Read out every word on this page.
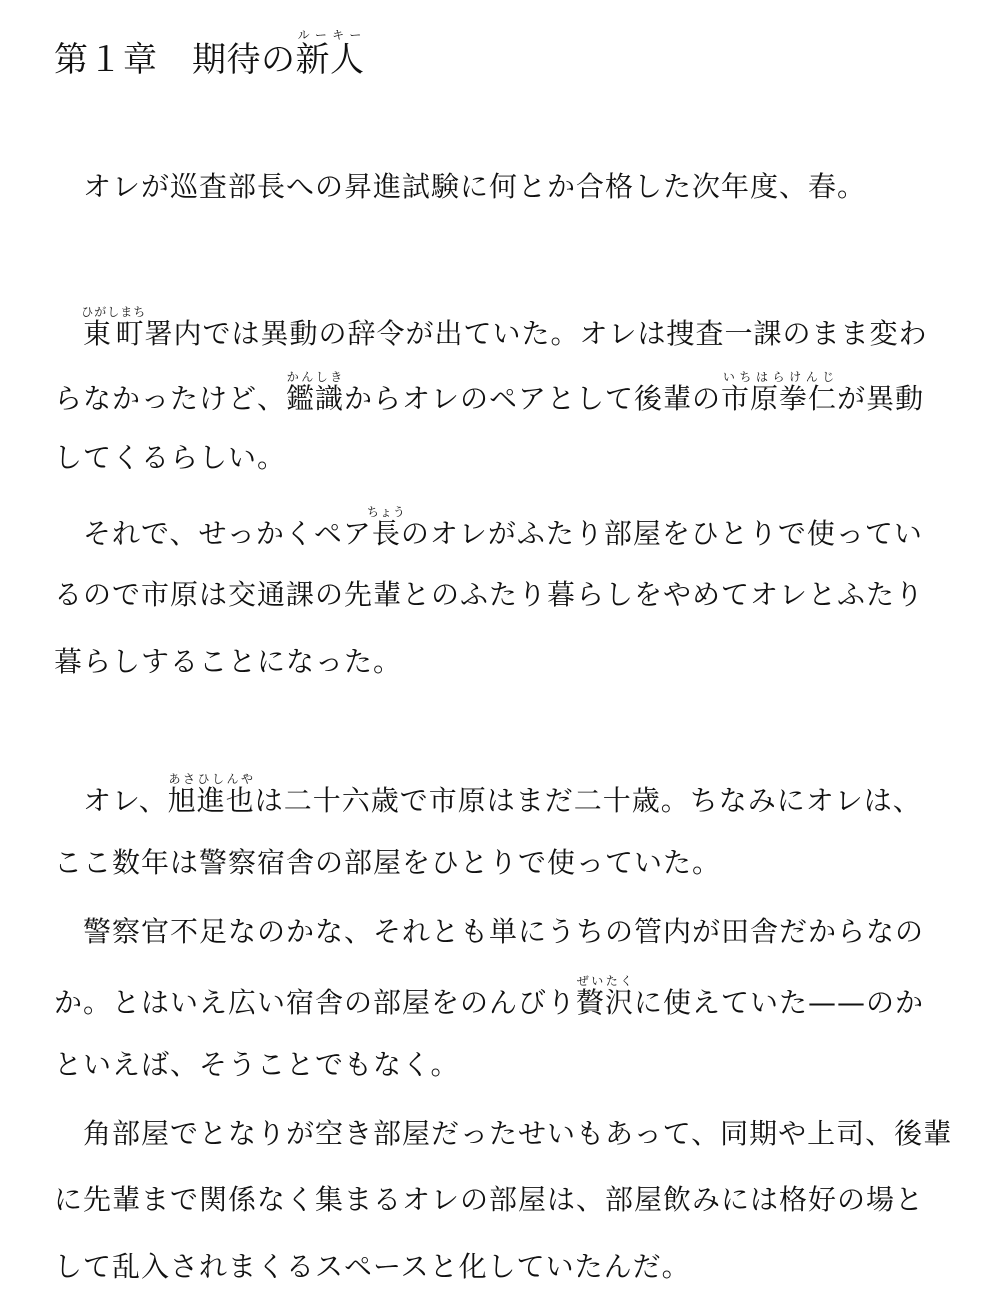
第１章　期待の新人ルーキー

　オレが巡査部長への昇進試験に何とか合格した次年度、春。

　東町ひがしまち署内では異動の辞令が出ていた。オレは捜査一課のまま変わ

らなかったけど、鑑識かんしきからオレのペアとして後輩の市原拳仁いちはらけんじが異動

してくるらしい。

　それで、せっかくペア長ちょうのオレがふたり部屋をひとりで使ってい

るので市原は交通課の先輩とのふたり暮らしをやめてオレとふたり

暮らしすることになった。

　オレ、旭進也あさひしんやは二十六歳で市原はまだ二十歳。ちなみにオレは、

ここ数年は警察宿舎の部屋をひとりで使っていた。

　警察官不足なのかな、それとも単にうちの管内が田舎だからなの

か。とはいえ広い宿舎の部屋をのんびり贅沢ぜいたくに使えていた——のか

といえば、そうことでもなく。

　角部屋でとなりが空き部屋だったせいもあって、同期や上司、後輩

に先輩まで関係なく集まるオレの部屋は、部屋飲みには格好の場と

して乱入されまくるスペースと化していたんだ。
